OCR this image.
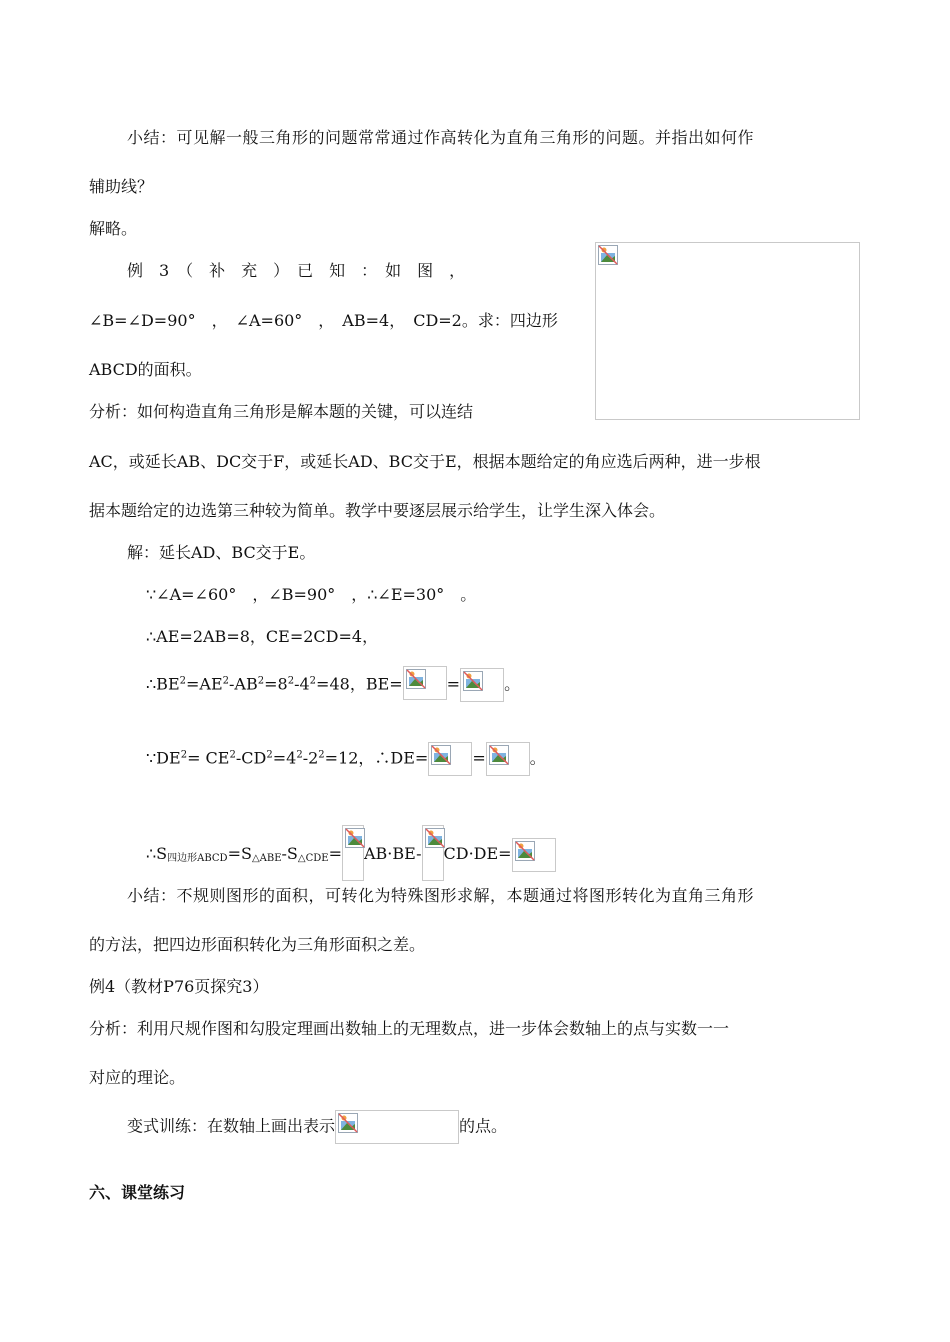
小结：可见解一般三角形的问题常常通过作高转化为直角三角形的问题。并指出如何作
辅助线？
解略。
例　3　（　补　充　）　已　知　：　如　图　，
∠B=∠D=90°　，　∠A=60°　，　AB=4，　CD=2。求：四边形
ABCD的面积。
分析：如何构造直角三角形是解本题的关键，可以连结
AC，或延长AB、DC交于F，或延长AD、BC交于E，根据本题给定的角应选后两种，进一步根
据本题给定的边选第三种较为简单。教学中要逐层展示给学生，让学生深入体会。
解：延长AD、BC交于E。
∵∠A=∠60°　，∠B=90°　，∴∠E=30°　。
∴AE=2AB=8，CE=2CD=4，
$\therefore BE^2=AE^2-AB^2=8^2-4^2=48$，BE=	=	。
$\because DE^2= CE^2-CD^2=4^2-2^2=12$，∴DE=	=	。
$\therefore S_{四边形ABCD}=S_{\triangle ABE}-S_{\triangle CDE}= AB\cdot BE-$ CD·DE=
小结：不规则图形的面积，可转化为特殊图形求解，本题通过将图形转化为直角三角形
的方法，把四边形面积转化为三角形面积之差。
例4（教材P76页探究3）
分析：利用尺规作图和勾股定理画出数轴上的无理数点，进一步体会数轴上的点与实数一一
对应的理论。
变式训练：在数轴上画出表示	的点。
六、课堂练习
